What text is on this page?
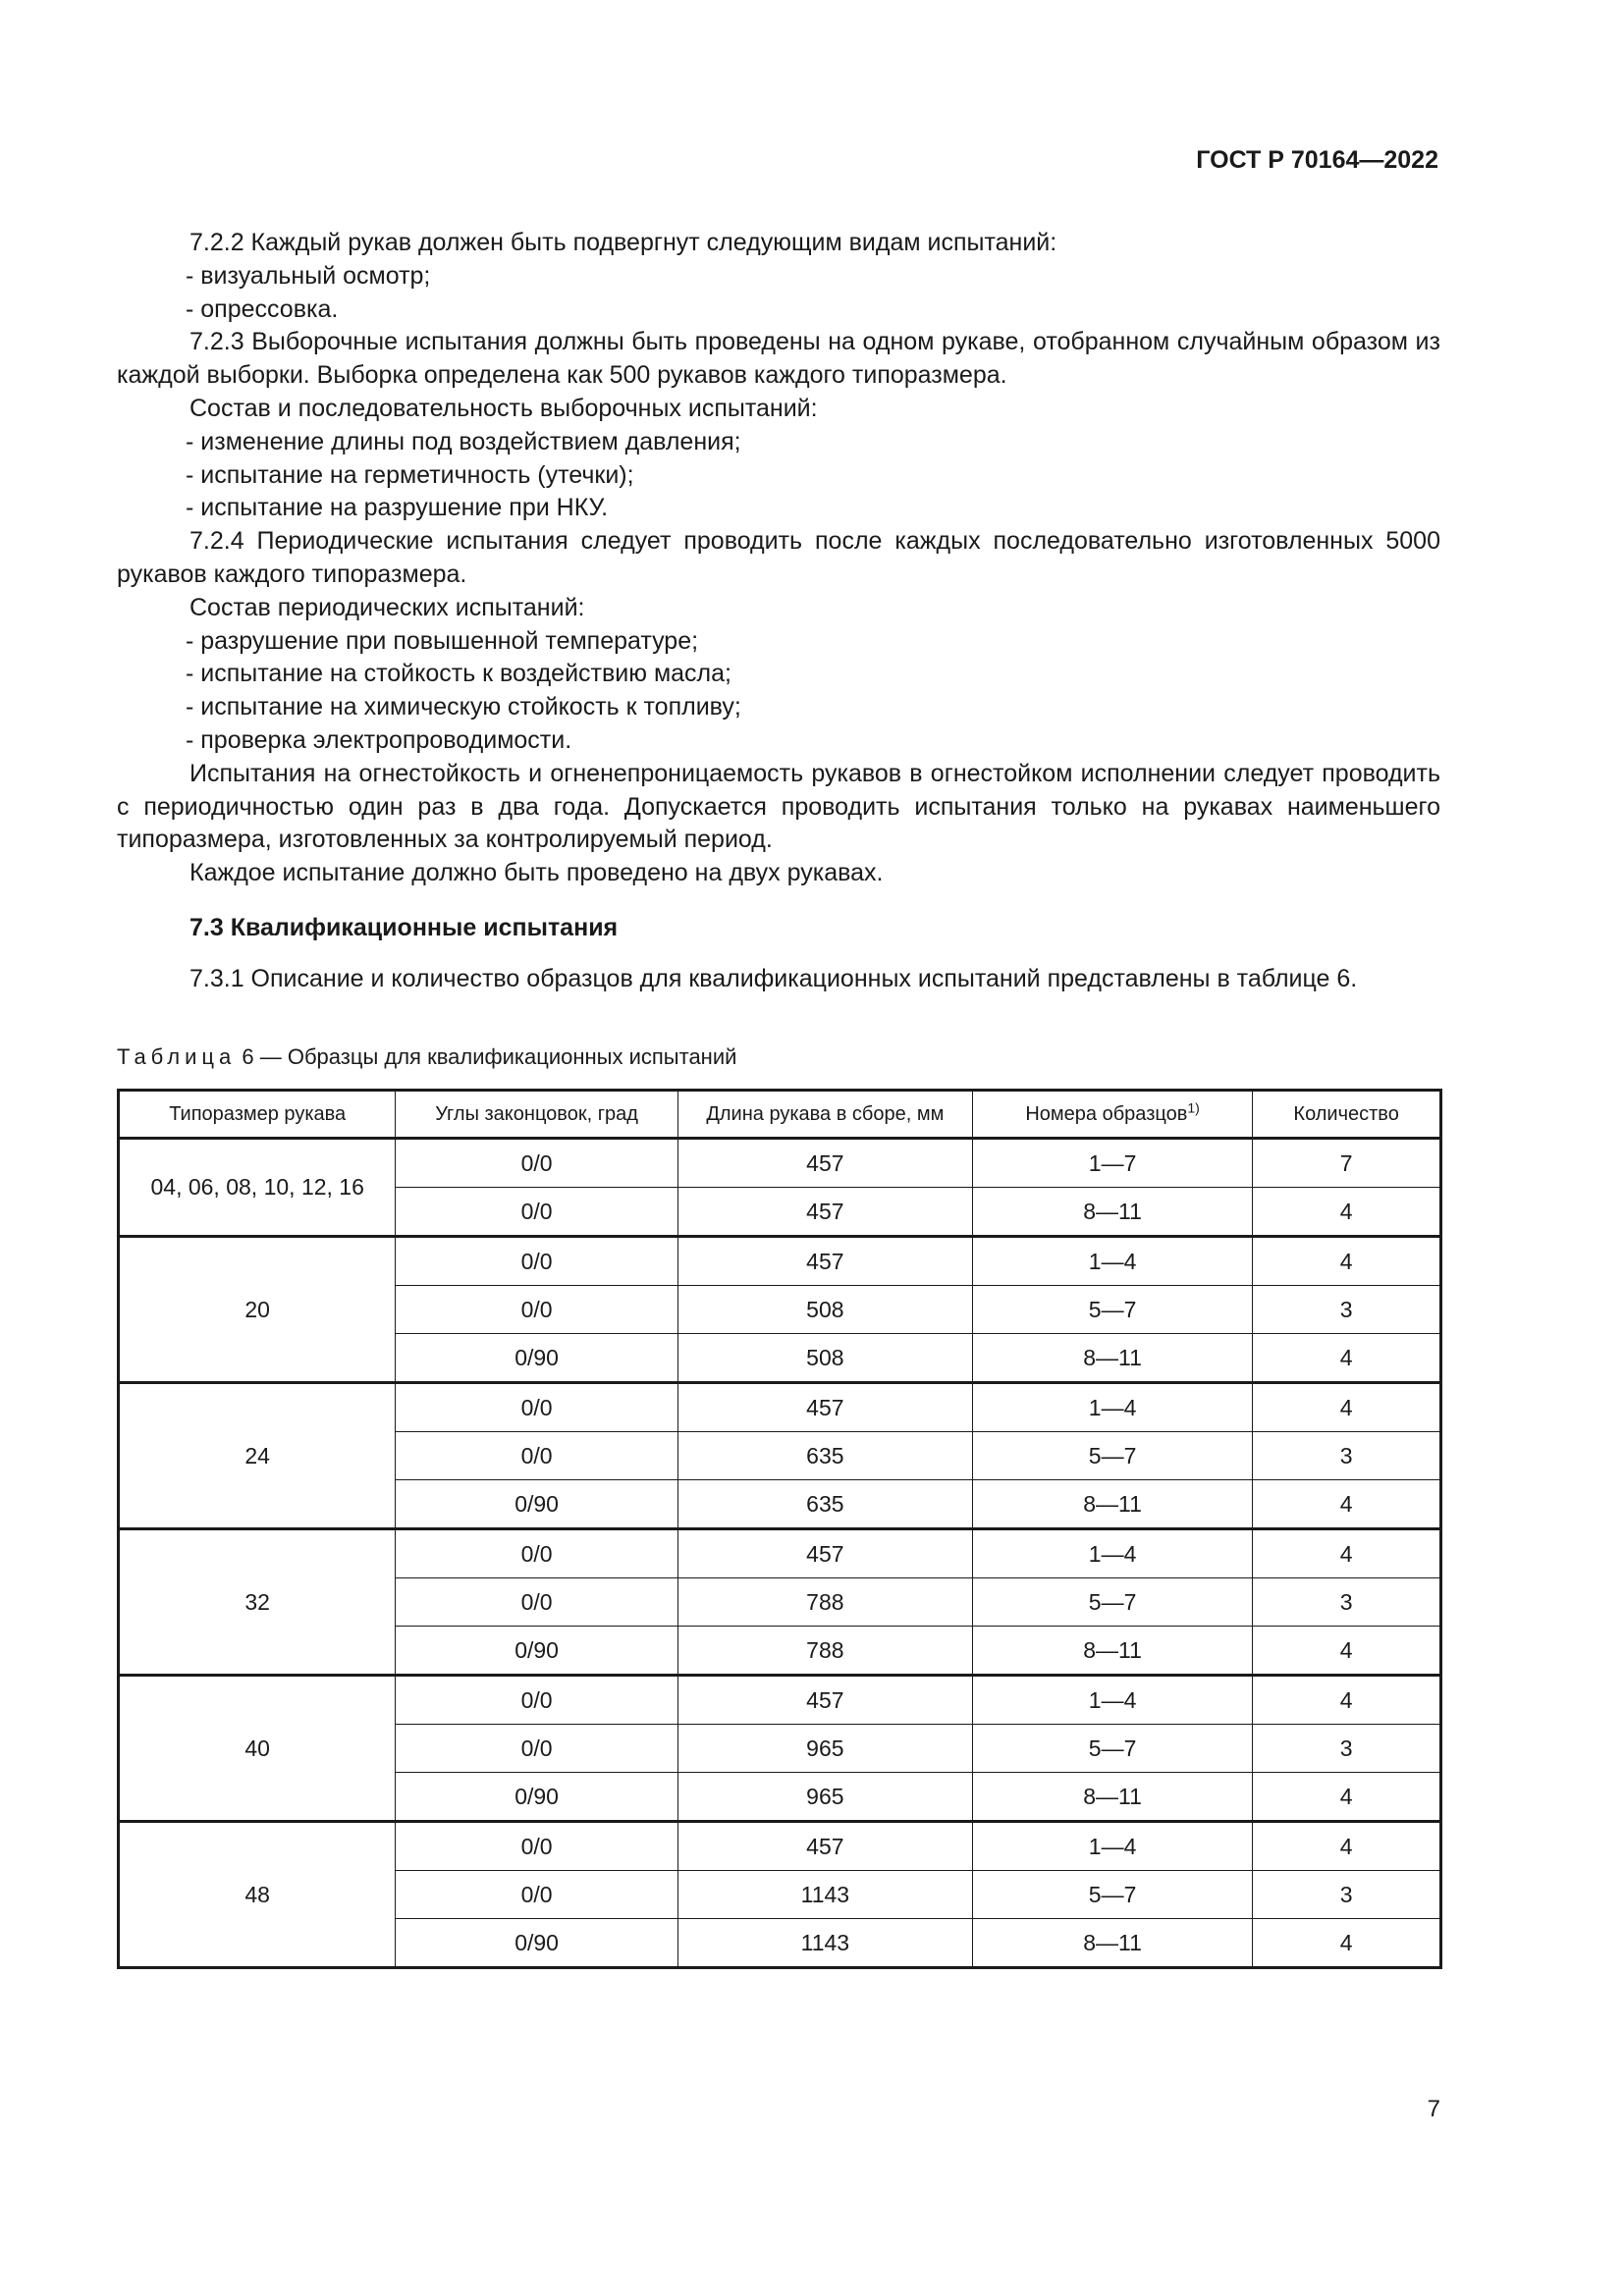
ГОСТ Р 70164—2022

7.2.2 Каждый рукав должен быть подвергнут следующим видам испытаний:

- визуальный осмотр;

- опрессовка.

7.2.3 Выборочные испытания должны быть проведены на одном рукаве, отобранном случайным образом из каждой выборки. Выборка определена как 500 рукавов каждого типоразмера.

Состав и последовательность выборочных испытаний:

- изменение длины под воздействием давления;

- испытание на герметичность (утечки);

- испытание на разрушение при НКУ.

7.2.4 Периодические испытания следует проводить после каждых последовательно изготовленных 5000 рукавов каждого типоразмера.

Состав периодических испытаний:

- разрушение при повышенной температуре;

- испытание на стойкость к воздействию масла;

- испытание на химическую стойкость к топливу;

- проверка электропроводимости.

Испытания на огнестойкость и огненепроницаемость рукавов в огнестойком исполнении следует проводить с периодичностью один раз в два года. Допускается проводить испытания только на рукавах наименьшего типоразмера, изготовленных за контролируемый период.

Каждое испытание должно быть проведено на двух рукавах.

7.3 Квалификационные испытания

7.3.1 Описание и количество образцов для квалификационных испытаний представлены в таблице 6.

Таблица 6 — Образцы для квалификационных испытаний
Типоразмер рукава	Углы законцовок, град	Длина рукава в сборе, мм	Номера образцов$^{1)}$	Количество
04, 06, 08, 10, 12, 16	0/0	457	1—7	7
	0/0	457	8—11	4
20	0/0	457	1—4	4
	0/0	508	5—7	3
	0/90	508	8—11	4
24	0/0	457	1—4	4
	0/0	635	5—7	3
	0/90	635	8—11	4
32	0/0	457	1—4	4
	0/0	788	5—7	3
	0/90	788	8—11	4
40	0/0	457	1—4	4
	0/0	965	5—7	3
	0/90	965	8—11	4
48	0/0	457	1—4	4
	0/0	1143	5—7	3
	0/90	1143	8—11	4
7
